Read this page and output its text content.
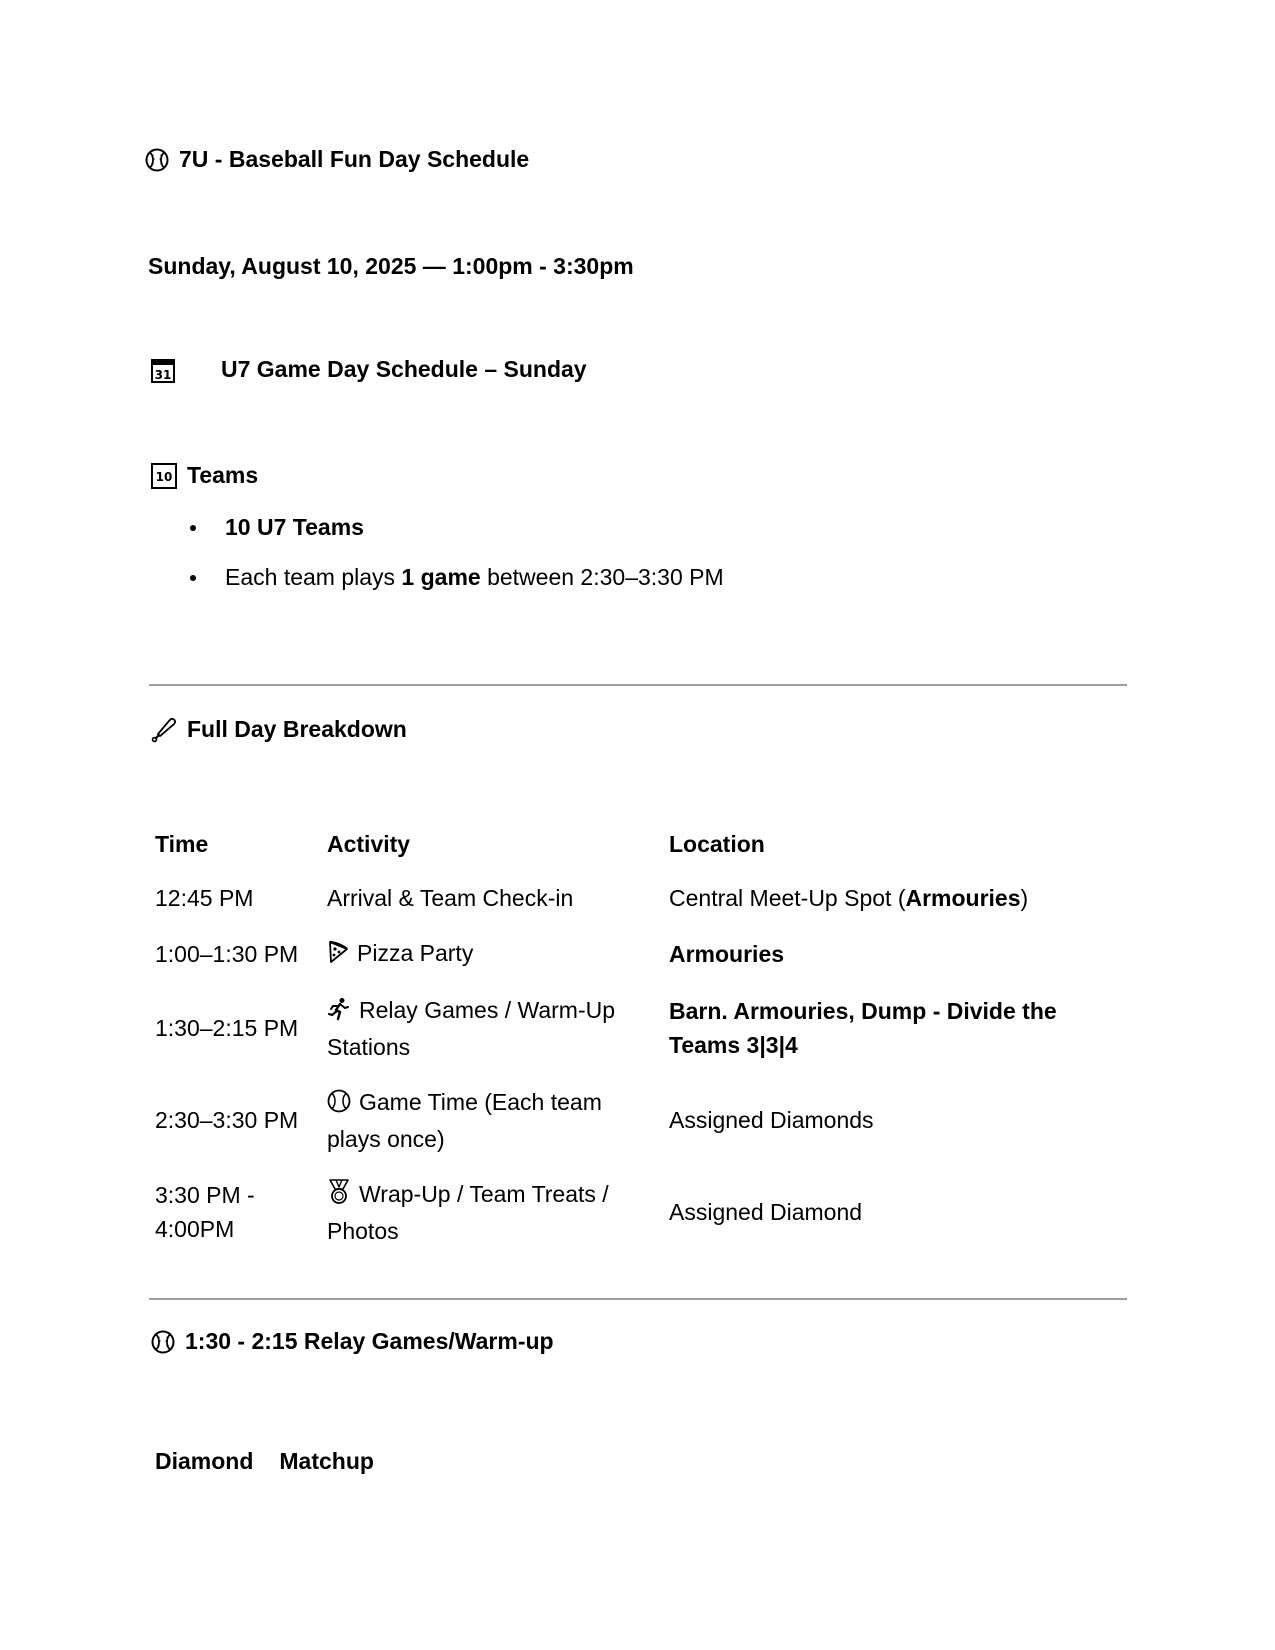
7U - Baseball Fun Day Schedule
Sunday, August 10, 2025 — 1:00pm - 3:30pm
31 U7 Game Day Schedule – Sunday
10 Teams
10 U7 Teams
Each team plays 1 game between 2:30–3:30 PM
Full Day Breakdown
Time	Activity	Location
12:45 PM	Arrival & Team Check-in	Central Meet-Up Spot (Armouries)
1:00–1:30 PM	Pizza Party	Armouries
1:30–2:15 PM	Relay Games / Warm-Up Stations	Barn. Armouries, Dump - Divide the Teams 3|3|4
2:30–3:30 PM	Game Time (Each team plays once)	Assigned Diamonds
3:30 PM - 4:00PM	Wrap-Up / Team Treats / Photos	Assigned Diamond
1:30 - 2:15 Relay Games/Warm-up
Diamond	Matchup
